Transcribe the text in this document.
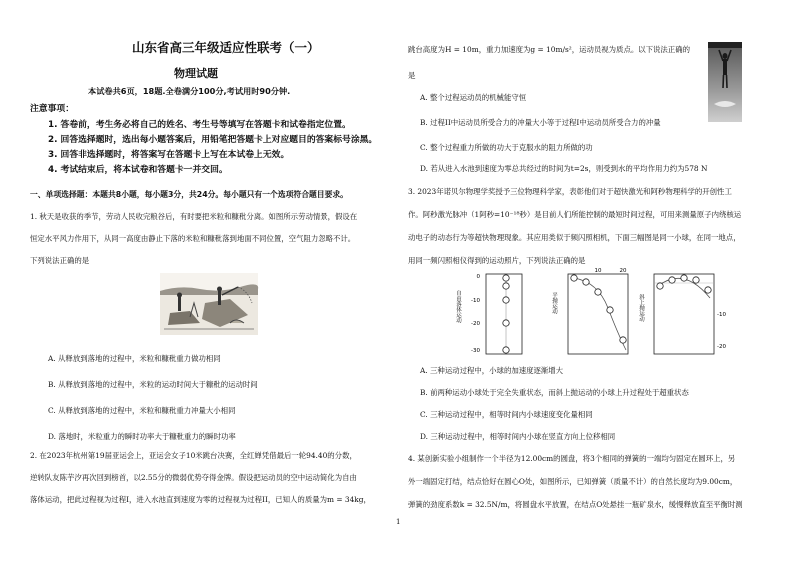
山东省高三年级适应性联考（一）
物理试题
本试卷共6页，18题.全卷满分100分,考试用时90分钟.
注意事项：
1. 答卷前，考生务必将自己的姓名、考生号等填写在答题卡和试卷指定位置。
2. 回答选择题时，选出每小题答案后，用铅笔把答题卡上对应题目的答案标号涂黑。
3. 回答非选择题时，将答案写在答题卡上写在本试卷上无效。
4. 考试结束后，将本试卷和答题卡一并交回。
一、单项选择题：本题共8小题，每小题3分，共24分。每小题只有一个选项符合题目要求。
1. 秋天是收获的季节，劳动人民收完粮谷后，有时要把米粒和糠秕分离。如图所示劳动情景，假设在
恒定水平风力作用下，从同一高度由静止下落的米粒和糠秕落到地面不同位置，空气阻力忽略不计。
下列说法正确的是
A. 从释放到落地的过程中，米粒和糠秕重力做功相同
B. 从释放到落地的过程中，米粒的运动时间大于糠秕的运动时间
C. 从释放到落地的过程中，米粒和糠秕重力冲量大小相同
D. 落地时，米粒重力的瞬时功率大于糠秕重力的瞬时功率
2. 在2023年杭州第19届亚运会上，亚运会女子10米跳台决赛，全红婵凭借最后一轮94.40的分数，
逆转队友陈芋汐再次回到榜首，以2.55分的微弱优势夺得金牌。假设把运动员的空中运动简化为自由
落体运动，把此过程视为过程I，进入水池直到速度为零的过程视为过程II，已知人的质量为m = 34kg，
跳台高度为H = 10m，重力加速度为g = 10m/s²，运动员视为质点。以下说法正确的
是
A. 整个过程运动员的机械能守恒
B. 过程II中运动员所受合力的冲量大小等于过程I中运动员所受合力的冲量
C. 整个过程重力所做的功大于克服水的阻力所做的功
D. 若从进入水池到速度为零总共经过的时间为t=2s，则受到水的平均作用力约为578 N
3. 2023年诺贝尔物理学奖授予三位物理科学家，表彰他们对于超快激光和阿秒物理科学的开创性工
作。阿秒激光脉冲（1阿秒=10⁻¹⁸秒）是目前人们所能控制的最短时间过程，可用来测量原子内绕核运
动电子的动态行为等超快物理现象。其应用类似于频闪照相机，下面三幅图是同一小球，在同一地点，
用同一频闪照相仪得到的运动照片，下列说法正确的是
0
-10
-20
-30
自由落体运动
10	20
平抛运动
-10
-20
斜上抛运动
A. 三种运动过程中，小球的加速度逐渐增大
B. 前两种运动小球处于完全失重状态，而斜上抛运动的小球上升过程处于超重状态
C. 三种运动过程中，相等时间内小球速度变化量相同
D. 三种运动过程中，相等时间内小球在竖直方向上位移相同
4. 某创新实验小组制作一个半径为12.00cm的圆盘，将3个相同的弹簧的一端均匀固定在圆环上，另
外一端固定打结，结点恰好在圆心O处，如图所示，已知弹簧（质量不计）的自然长度均为9.00cm，
弹簧的劲度系数k = 32.5N/m，将圆盘水平放置，在结点O处悬挂一瓶矿泉水，缓慢释放直至平衡时测
1
